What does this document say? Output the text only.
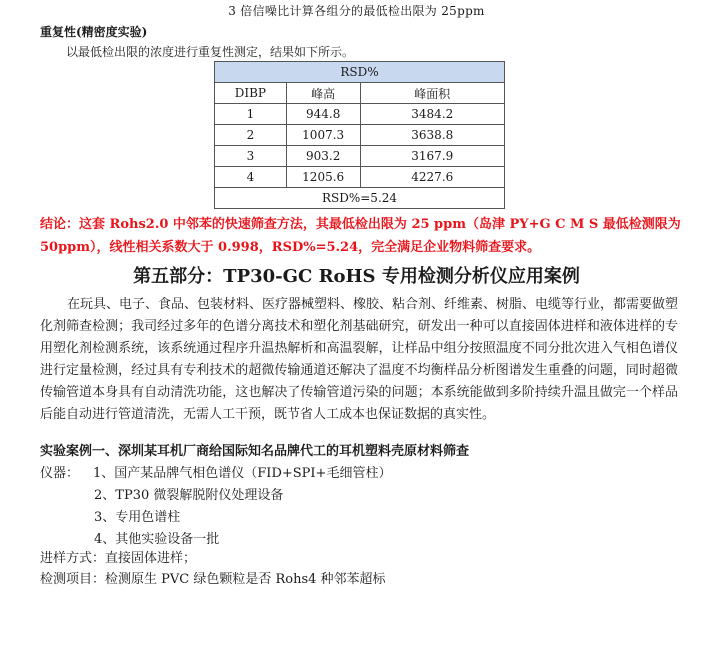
3 倍信噪比计算各组分的最低检出限为 25ppm
重复性(精密度实验)
以最低检出限的浓度进行重复性测定，结果如下所示。
RSD%		
DIBP	峰高	峰面积
1	944.8	3484.2
2	1007.3	3638.8
3	903.2	3167.9
4	1205.6	4227.6
RSD%=5.24		
结论：这套 Rohs2.0 中邻苯的快速筛查方法，其最低检出限为 25 ppm（岛津 PY+G C M S 最低检测限为 50ppm），线性相关系数大于 0.998，RSD%=5.24，完全满足企业物料筛查要求。
第五部分：TP30-GC RoHS 专用检测分析仪应用案例
在玩具、电子、食品、包装材料、医疗器械塑料、橡胶、粘合剂、纤维素、树脂、电缆等行业，都需要做塑化剂筛查检测；我司经过多年的色谱分离技术和塑化剂基础研究，研发出一种可以直接固体进样和液体进样的专用塑化剂检测系统，该系统通过程序升温热解析和高温裂解，让样品中组分按照温度不同分批次进入气相色谱仪进行定量检测，经过具有专利技术的超微传输通道还解决了温度不均衡样品分析图谱发生重叠的问题，同时超微传输管道本身具有自动清洗功能，这也解决了传输管道污染的问题；本系统能做到多阶持续升温且做完一个样品后能自动进行管道清洗，无需人工干预，既节省人工成本也保证数据的真实性。
实验案例一、深圳某耳机厂商给国际知名品牌代工的耳机塑料壳原材料筛查
仪器： 1、国产某品牌气相色谱仪（FID+SPI+毛细管柱）
2、TP30 微裂解脱附仪处理设备
3、专用色谱柱
4、其他实验设备一批
进样方式：直接固体进样；
检测项目：检测原生 PVC 绿色颗粒是否 Rohs4 种邻苯超标
